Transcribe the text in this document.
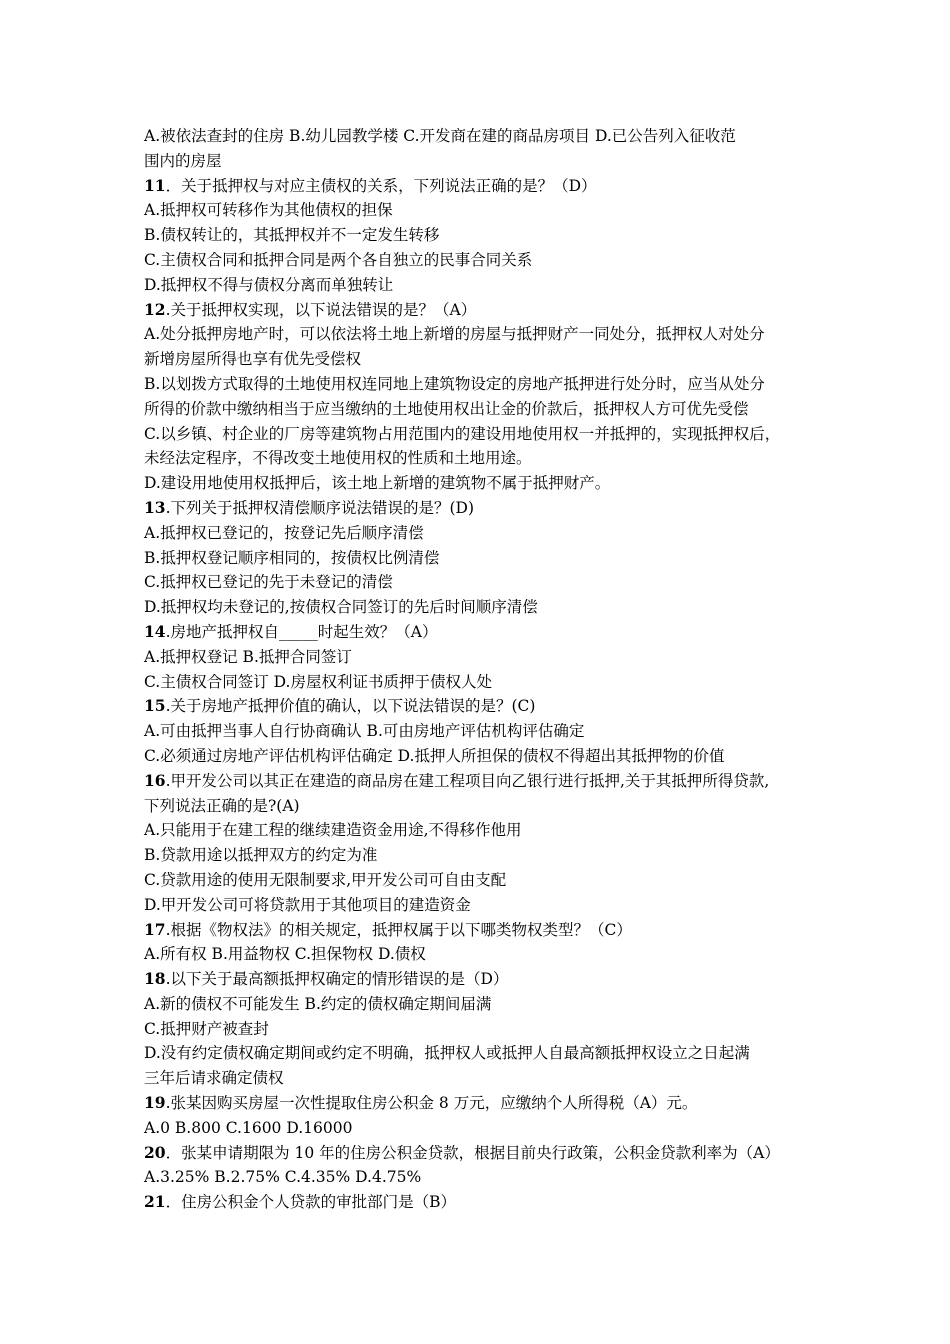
A.被依法查封的住房 B.幼儿园教学楼 C.开发商在建的商品房项目 D.已公告列入征收范
围内的房屋
11．关于抵押权与对应主债权的关系，下列说法正确的是？（D）
A.抵押权可转移作为其他债权的担保
B.债权转让的，其抵押权并不一定发生转移
C.主债权合同和抵押合同是两个各自独立的民事合同关系
D.抵押权不得与债权分离而单独转让
12.关于抵押权实现，以下说法错误的是？（A）
A.处分抵押房地产时，可以依法将土地上新增的房屋与抵押财产一同处分，抵押权人对处分
新增房屋所得也享有优先受偿权
B.以划拨方式取得的土地使用权连同地上建筑物设定的房地产抵押进行处分时，应当从处分
所得的价款中缴纳相当于应当缴纳的土地使用权出让金的价款后，抵押权人方可优先受偿
C.以乡镇、村企业的厂房等建筑物占用范围内的建设用地使用权一并抵押的，实现抵押权后，
未经法定程序，不得改变土地使用权的性质和土地用途。
D.建设用地使用权抵押后，该土地上新增的建筑物不属于抵押财产。
13.下列关于抵押权清偿顺序说法错误的是？(D)
A.抵押权已登记的，按登记先后顺序清偿
B.抵押权登记顺序相同的，按债权比例清偿
C.抵押权已登记的先于未登记的清偿
D.抵押权均未登记的,按债权合同签订的先后时间顺序清偿
14.房地产抵押权自_____时起生效？（A）
A.抵押权登记 B.抵押合同签订
C.主债权合同签订 D.房屋权利证书质押于债权人处
15.关于房地产抵押价值的确认，以下说法错误的是？(C)
A.可由抵押当事人自行协商确认 B.可由房地产评估机构评估确定
C.必须通过房地产评估机构评估确定 D.抵押人所担保的债权不得超出其抵押物的价值
16.甲开发公司以其正在建造的商品房在建工程项目向乙银行进行抵押,关于其抵押所得贷款,
下列说法正确的是?(A)
A.只能用于在建工程的继续建造资金用途,不得移作他用
B.贷款用途以抵押双方的约定为准
C.贷款用途的使用无限制要求,甲开发公司可自由支配
D.甲开发公司可将贷款用于其他项目的建造资金
17.根据《物权法》的相关规定，抵押权属于以下哪类物权类型？（C）
A.所有权 B.用益物权 C.担保物权 D.债权
18.以下关于最高额抵押权确定的情形错误的是（D）
A.新的债权不可能发生 B.约定的债权确定期间届满
C.抵押财产被查封
D.没有约定债权确定期间或约定不明确，抵押权人或抵押人自最高额抵押权设立之日起满
三年后请求确定债权
19.张某因购买房屋一次性提取住房公积金 8 万元，应缴纳个人所得税（A）元。
A.0 B.800 C.1600 D.16000
20．张某申请期限为 10 年的住房公积金贷款，根据目前央行政策，公积金贷款利率为（A）
A.3.25% B.2.75% C.4.35% D.4.75%
21．住房公积金个人贷款的审批部门是（B）
